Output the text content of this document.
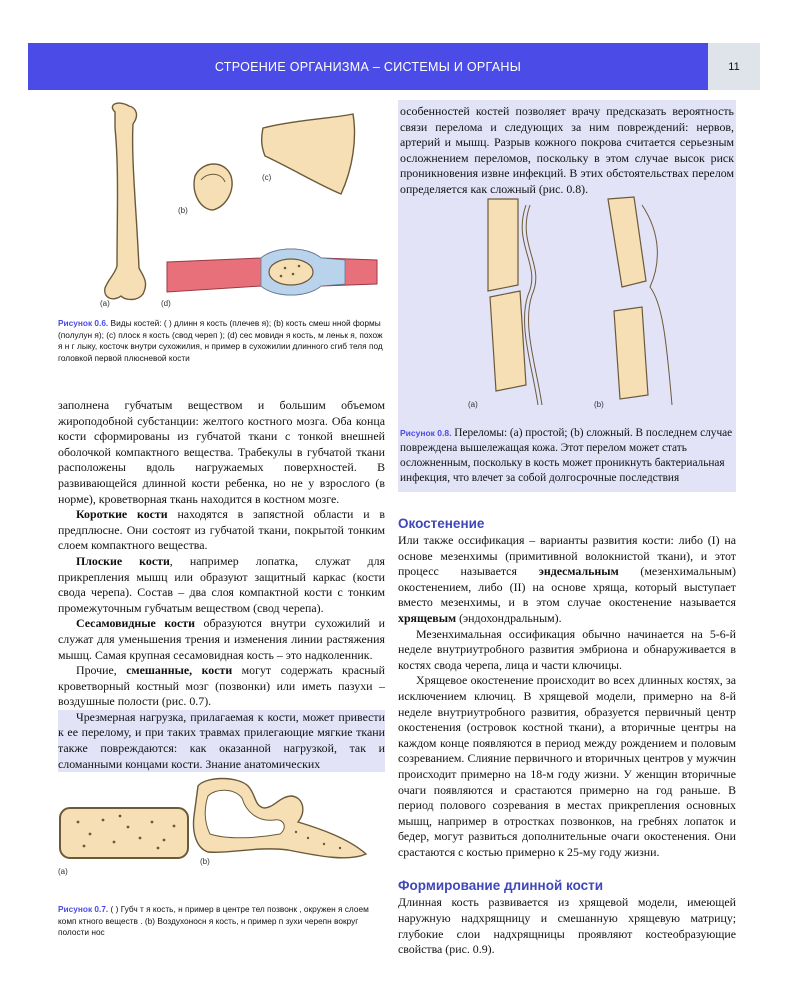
СТРОЕНИЕ ОРГАНИЗМА – СИСТЕМЫ И ОРГАНЫ	11
(a)
(b)
(c)
(d)

Рисунок 0.6. Виды костей: ( ) длинн я кость (плечев я); (b) кость смеш нной формы (полулун я); (c) плоск я кость (свод череп ); (d) сес мовидн я кость, м леньк я, похож я н г лыку, косточк внутри сухожилия, н пример в сухожилии длинного сгиб теля под головкой первой плюсневой кости

заполнена губчатым веществом и большим объемом жироподобной субстанции: желтого костного мозга. Оба конца кости сформированы из губчатой ткани с тонкой внешней оболочкой компактного вещества. Трабекулы в губчатой ткани расположены вдоль нагружаемых поверхностей. В развивающейся длинной кости ребенка, но не у взрослого (в норме), кроветворная ткань находится в костном мозге.

Короткие кости находятся в запястной области и в предплюсне. Они состоят из губчатой ткани, покрытой тонким слоем компактного вещества.

Плоские кости, например лопатка, служат для прикрепления мышц или образуют защитный каркас (кости свода черепа). Состав – два слоя компактной кости с тонким промежуточным губчатым веществом (свод черепа).

Сесамовидные кости образуются внутри сухожилий и служат для уменьшения трения и изменения линии растяжения мышц. Самая крупная сесамовидная кость – это надколенник.

Прочие, смешанные, кости могут содержать красный кроветворный костный мозг (позвонки) или иметь пазухи – воздушные полости (рис. 0.7).

Чрезмерная нагрузка, прилагаемая к кости, может привести к ее перелому, и при таких травмах прилегающие мягкие ткани также повреждаются: как оказанной нагрузкой, так и сломанными концами кости. Знание анатомических

(a)
(b)

Рисунок 0.7. ( ) Губч т я кость, н пример в центре тел позвонк , окружен я слоем комп ктного веществ . (b) Воздухоносн я кость, н пример п зухи черепн вокруг полости нос

особенностей костей позволяет врачу предсказать вероятность связи перелома и следующих за ним повреждений: нервов, артерий и мышц. Разрыв кожного покрова считается серьезным осложнением переломов, поскольку в этом случае высок риск проникновения извне инфекций. В этих обстоятельствах перелом определяется как сложный (рис. 0.8).

(a)	(b)

Рисунок 0.8. Переломы: (a) простой; (b) сложный. В последнем случае повреждена вышележащая кожа. Этот перелом может стать осложненным, поскольку в кость может проникнуть бактериальная инфекция, что влечет за собой долгосрочные последствия

Окостенение

Или также оссификация – варианты развития кости: либо (I) на основе мезенхимы (примитивной волокнистой ткани), и этот процесс называется эндесмальным (мезенхимальным) окостенением, либо (II) на основе хряща, который выступает вместо мезенхимы, и в этом случае окостенение называется хрящевым (эндохондральным).

Мезенхимальная оссификация обычно начинается на 5-6-й неделе внутриутробного развития эмбриона и обнаруживается в костях свода черепа, лица и части ключицы.

Хрящевое окостенение происходит во всех длинных костях, за исключением ключиц. В хрящевой модели, примерно на 8-й неделе внутриутробного развития, образуется первичный центр окостенения (островок костной ткани), а вторичные центры на каждом конце появляются в период между рождением и половым созреванием. Слияние первичного и вторичных центров у мужчин происходит примерно на 18-м году жизни. У женщин вторичные очаги появляются и срастаются примерно на год раньше. В период полового созревания в местах прикрепления основных мышц, например в отростках позвонков, на гребнях лопаток и бедер, могут развиться дополнительные очаги окостенения. Они срастаются с костью примерно к 25-му году жизни.

Формирование длинной кости

Длинная кость развивается из хрящевой модели, имеющей наружную надхрящницу и смешанную хрящевую матрицу; глубокие слои надхрящницы проявляют костеобразующие свойства (рис. 0.9).
